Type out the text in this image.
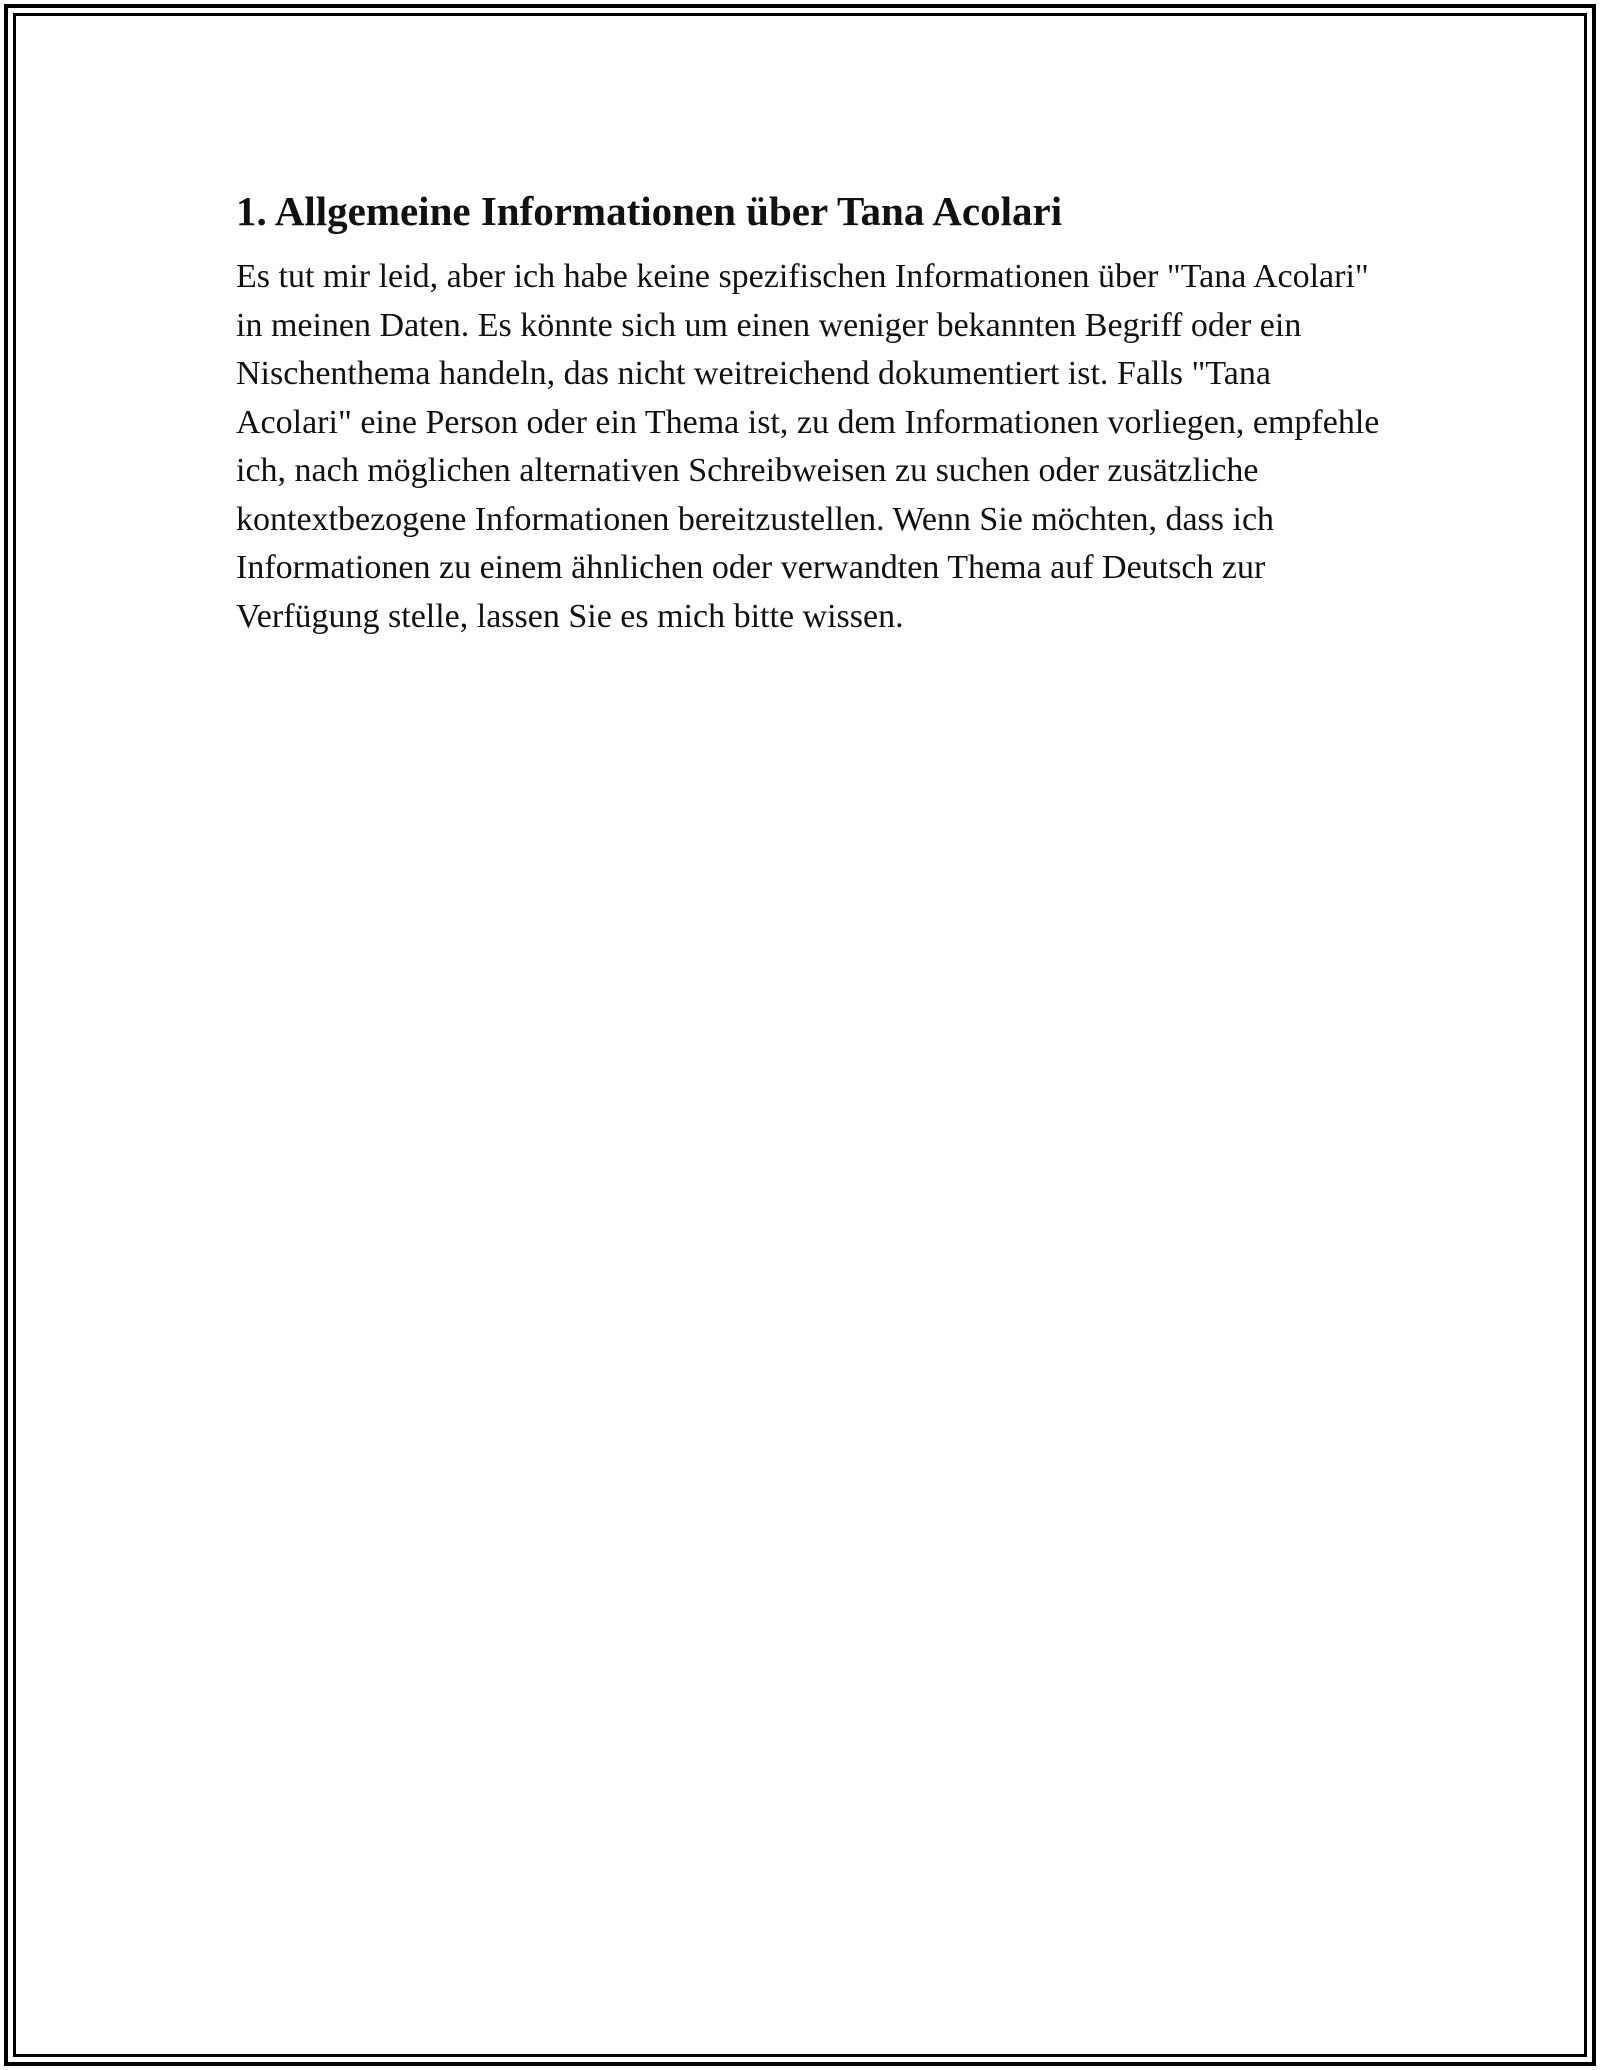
1. Allgemeine Informationen über Tana Acolari

Es tut mir leid, aber ich habe keine spezifischen Informationen über "Tana Acolari" in meinen Daten. Es könnte sich um einen weniger bekannten Begriff oder ein Nischenthema handeln, das nicht weitreichend dokumentiert ist. Falls "Tana Acolari" eine Person oder ein Thema ist, zu dem Informationen vorliegen, empfehle ich, nach möglichen alternativen Schreibweisen zu suchen oder zusätzliche kontextbezogene Informationen bereitzustellen. Wenn Sie möchten, dass ich Informationen zu einem ähnlichen oder verwandten Thema auf Deutsch zur Verfügung stelle, lassen Sie es mich bitte wissen.
